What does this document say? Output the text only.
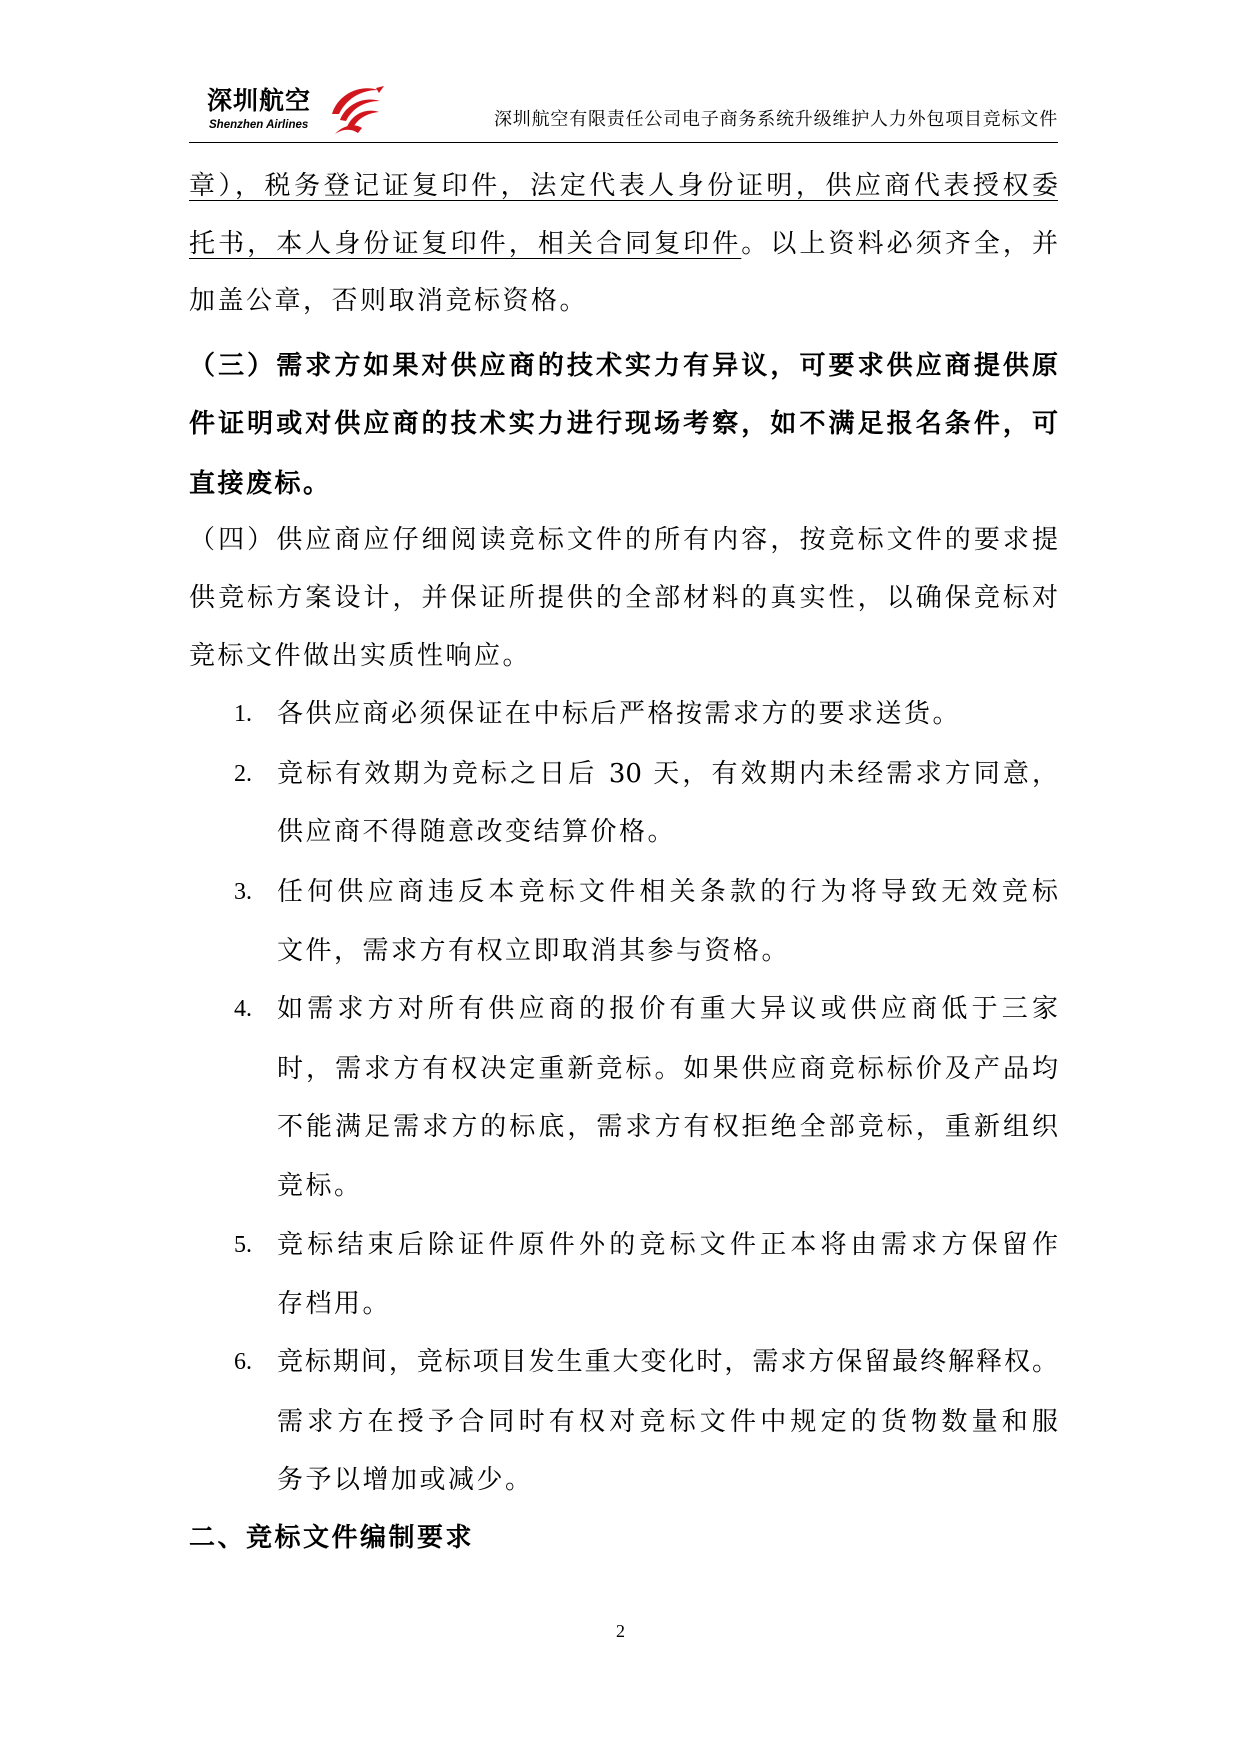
深圳航空
Shenzhen Airlines	深圳航空有限责任公司电子商务系统升级维护人力外包项目竞标文件
章），税务登记证复印件，法定代表人身份证明，供应商代表授权委
托书，本人身份证复印件，相关合同复印件。以上资料必须齐全，并
加盖公章，否则取消竞标资格。
（三）需求方如果对供应商的技术实力有异议，可要求供应商提供原
件证明或对供应商的技术实力进行现场考察，如不满足报名条件，可
直接废标。
（四）供应商应仔细阅读竞标文件的所有内容，按竞标文件的要求提
供竞标方案设计，并保证所提供的全部材料的真实性，以确保竞标对
竞标文件做出实质性响应。
1. 各供应商必须保证在中标后严格按需求方的要求送货。
2. 竞标有效期为竞标之日后 30 天，有效期内未经需求方同意，
供应商不得随意改变结算价格。
3. 任何供应商违反本竞标文件相关条款的行为将导致无效竞标
文件，需求方有权立即取消其参与资格。
4. 如需求方对所有供应商的报价有重大异议或供应商低于三家
时，需求方有权决定重新竞标。如果供应商竞标标价及产品均
不能满足需求方的标底，需求方有权拒绝全部竞标，重新组织
竞标。
5. 竞标结束后除证件原件外的竞标文件正本将由需求方保留作
存档用。
6. 竞标期间，竞标项目发生重大变化时，需求方保留最终解释权。
需求方在授予合同时有权对竞标文件中规定的货物数量和服
务予以增加或减少。
二、竞标文件编制要求
2
